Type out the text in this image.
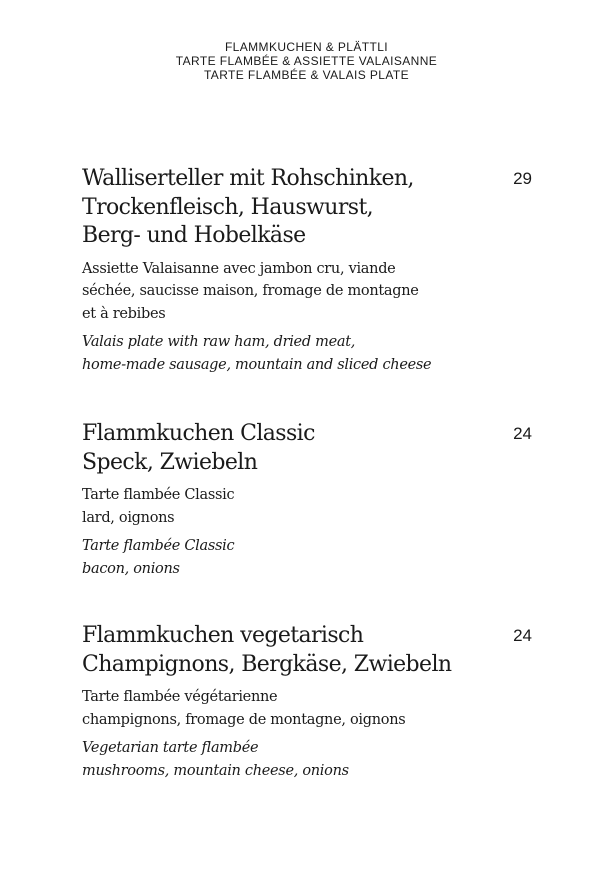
FLAMMKUCHEN & PLÄTTLI
TARTE FLAMBÉE & ASSIETTE VALAISANNE
TARTE FLAMBÉE & VALAIS PLATE
Walliserteller mit Rohschinken,
Trockenfleisch, Hauswurst,
Berg- und Hobelkäse
29
Assiette Valaisanne avec jambon cru, viande
séchée, saucisse maison, fromage de montagne
et à rebibes
Valais plate with raw ham, dried meat,
home-made sausage, mountain and sliced cheese
Flammkuchen Classic
Speck, Zwiebeln
24
Tarte flambée Classic
lard, oignons
Tarte flambée Classic
bacon, onions
Flammkuchen vegetarisch
Champignons, Bergkäse, Zwiebeln
24
Tarte flambée végétarienne
champignons, fromage de montagne, oignons
Vegetarian tarte flambée
mushrooms, mountain cheese, onions
